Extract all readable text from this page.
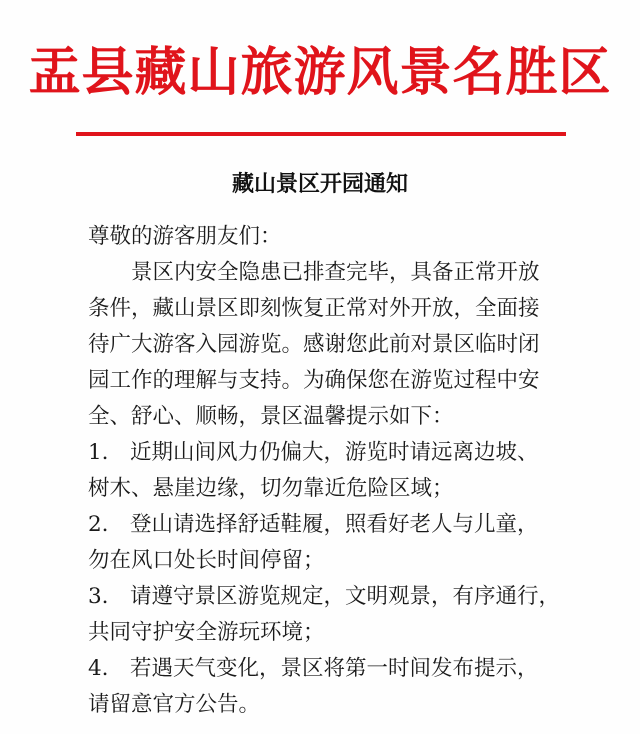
盂县藏山旅游风景名胜区
藏山景区开园通知
尊敬的游客朋友们：
　　景区内安全隐患已排查完毕，具备正常开放
条件，藏山景区即刻恢复正常对外开放，全面接
待广大游客入园游览。感谢您此前对景区临时闭
园工作的理解与支持。为确保您在游览过程中安
全、舒心、顺畅，景区温馨提示如下：
1.　近期山间风力仍偏大，游览时请远离边坡、
树木、悬崖边缘，切勿靠近危险区域；
2.　登山请选择舒适鞋履，照看好老人与儿童，
勿在风口处长时间停留；
3.　请遵守景区游览规定，文明观景，有序通行，
共同守护安全游玩环境；
4.　若遇天气变化，景区将第一时间发布提示，
请留意官方公告。
